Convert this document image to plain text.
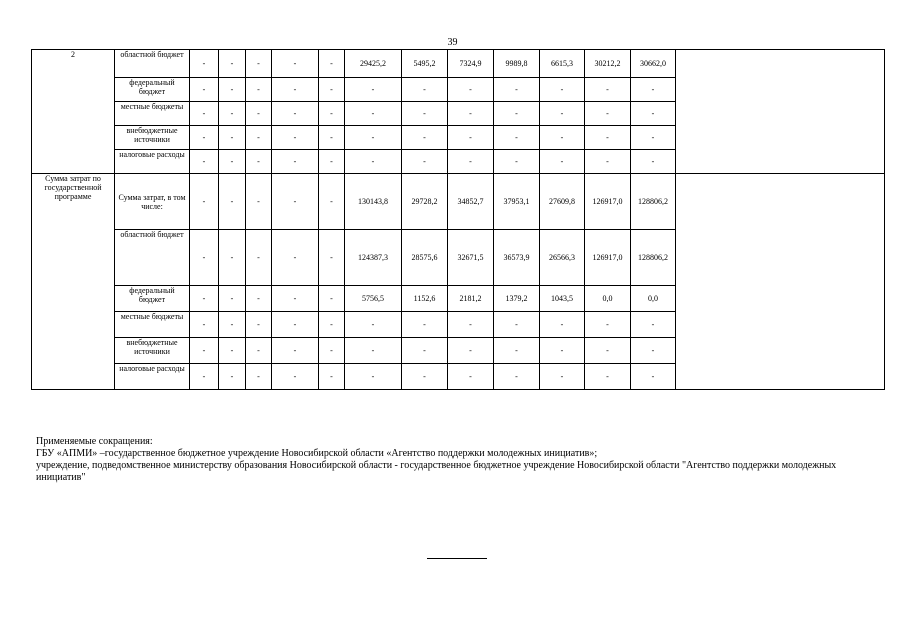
39
2	областной бюджет	-	-	-	-	-	29425,2	5495,2	7324,9	9989,8	6615,3	30212,2	30662,0	
	федеральный бюджет	-	-	-	-	-	-	-	-	-	-	-	-	
	местные бюджеты	-	-	-	-	-	-	-	-	-	-	-	-	
	внебюджетные источники	-	-	-	-	-	-	-	-	-	-	-	-	
	налоговые расходы	-	-	-	-	-	-	-	-	-	-	-	-	
Сумма затрат по государственной программе	Сумма затрат, в том числе:	-	-	-	-	-	130143,8	29728,2	34852,7	37953,1	27609,8	126917,0	128806,2	
	областной бюджет	-	-	-	-	-	124387,3	28575,6	32671,5	36573,9	26566,3	126917,0	128806,2	
	федеральный бюджет	-	-	-	-	-	5756,5	1152,6	2181,2	1379,2	1043,5	0,0	0,0	
	местные бюджеты	-	-	-	-	-	-	-	-	-	-	-	-	
	внебюджетные источники	-	-	-	-	-	-	-	-	-	-	-	-	
	налоговые расходы	-	-	-	-	-	-	-	-	-	-	-	-	
Применяемые сокращения:
ГБУ «АПМИ» –государственное бюджетное учреждение Новосибирской области «Агентство поддержки молодежных инициатив»;
учреждение, подведомственное министерству образования Новосибирской области - государственное бюджетное учреждение Новосибирской области "Агентство поддержки молодежных инициатив"
